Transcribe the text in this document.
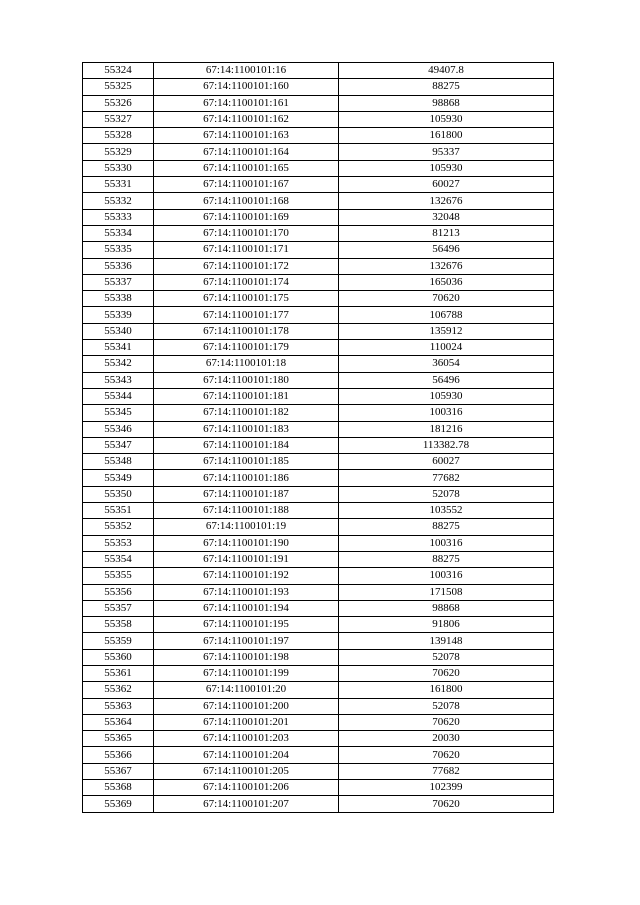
55324	67:14:1100101:16	49407.8
55325	67:14:1100101:160	88275
55326	67:14:1100101:161	98868
55327	67:14:1100101:162	105930
55328	67:14:1100101:163	161800
55329	67:14:1100101:164	95337
55330	67:14:1100101:165	105930
55331	67:14:1100101:167	60027
55332	67:14:1100101:168	132676
55333	67:14:1100101:169	32048
55334	67:14:1100101:170	81213
55335	67:14:1100101:171	56496
55336	67:14:1100101:172	132676
55337	67:14:1100101:174	165036
55338	67:14:1100101:175	70620
55339	67:14:1100101:177	106788
55340	67:14:1100101:178	135912
55341	67:14:1100101:179	110024
55342	67:14:1100101:18	36054
55343	67:14:1100101:180	56496
55344	67:14:1100101:181	105930
55345	67:14:1100101:182	100316
55346	67:14:1100101:183	181216
55347	67:14:1100101:184	113382.78
55348	67:14:1100101:185	60027
55349	67:14:1100101:186	77682
55350	67:14:1100101:187	52078
55351	67:14:1100101:188	103552
55352	67:14:1100101:19	88275
55353	67:14:1100101:190	100316
55354	67:14:1100101:191	88275
55355	67:14:1100101:192	100316
55356	67:14:1100101:193	171508
55357	67:14:1100101:194	98868
55358	67:14:1100101:195	91806
55359	67:14:1100101:197	139148
55360	67:14:1100101:198	52078
55361	67:14:1100101:199	70620
55362	67:14:1100101:20	161800
55363	67:14:1100101:200	52078
55364	67:14:1100101:201	70620
55365	67:14:1100101:203	20030
55366	67:14:1100101:204	70620
55367	67:14:1100101:205	77682
55368	67:14:1100101:206	102399
55369	67:14:1100101:207	70620
